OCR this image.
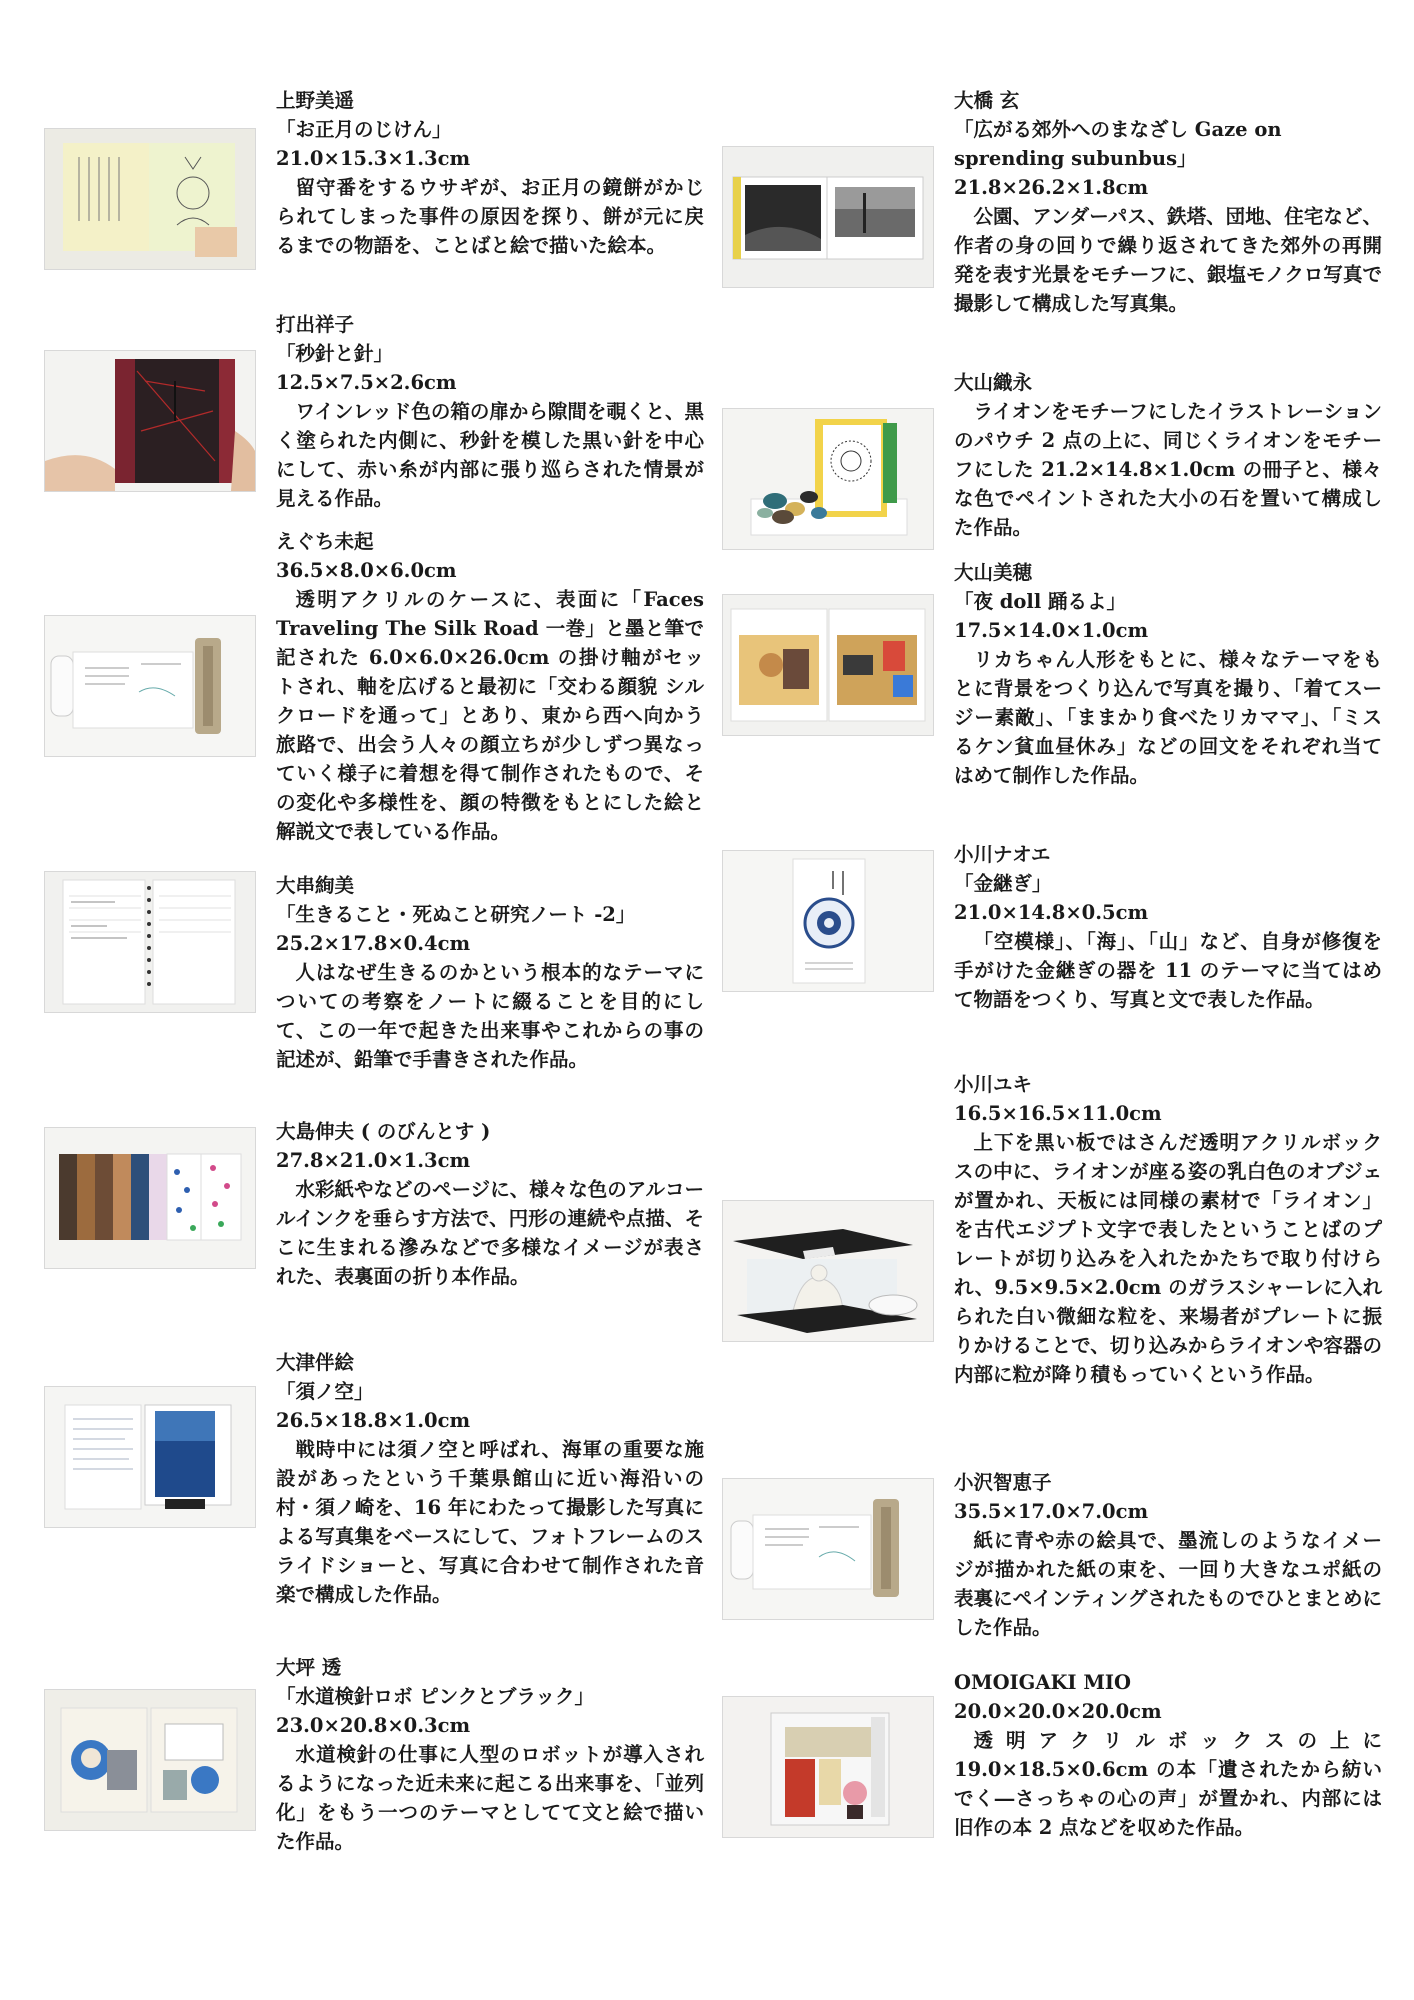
上野美遥
「お正月のじけん」
21.0×15.3×1.3cm
留守番をするウサギが、お正月の鏡餅がかじられてしまった事件の原因を探り、餅が元に戻るまでの物語を、ことばと絵で描いた絵本。
打出祥子
「秒針と針」
12.5×7.5×2.6cm
ワインレッド色の箱の扉から隙間を覗くと、黒く塗られた内側に、秒針を模した黒い針を中心にして、赤い糸が内部に張り巡らされた情景が見える作品。
えぐち未起
36.5×8.0×6.0cm
透明アクリルのケースに、表面に「Faces Traveling The Silk Road 一巻」と墨と筆で記された 6.0×6.0×26.0cm の掛け軸がセットされ、軸を広げると最初に「交わる顔貌 シルクロードを通って」とあり、東から西へ向かう旅路で、出会う人々の顔立ちが少しずつ異なっていく様子に着想を得て制作されたもので、その変化や多様性を、顔の特徴をもとにした絵と解説文で表している作品。
大串絢美
「生きること・死ぬこと研究ノート -2」
25.2×17.8×0.4cm
人はなぜ生きるのかという根本的なテーマについての考察をノートに綴ることを目的にして、この一年で起きた出来事やこれからの事の記述が、鉛筆で手書きされた作品。
大島伸夫 ( のびんとす )
27.8×21.0×1.3cm
水彩紙やなどのページに、様々な色のアルコールインクを垂らす方法で、円形の連続や点描、そこに生まれる滲みなどで多様なイメージが表された、表裏面の折り本作品。
大津伴絵
「須ノ空」
26.5×18.8×1.0cm
戦時中には須ノ空と呼ばれ、海軍の重要な施設があったという千葉県館山に近い海沿いの村・須ノ崎を、16 年にわたって撮影した写真による写真集をベースにして、フォトフレームのスライドショーと、写真に合わせて制作された音楽で構成した作品。
大坪 透
「水道検針ロボ ピンクとブラック」
23.0×20.8×0.3cm
水道検針の仕事に人型のロボットが導入されるようになった近未来に起こる出来事を、「並列化」をもう一つのテーマとしてて文と絵で描いた作品。
大橋 玄
「広がる郊外へのまなざし Gaze on sprending subunbus」
21.8×26.2×1.8cm
公園、アンダーパス、鉄塔、団地、住宅など、作者の身の回りで繰り返されてきた郊外の再開発を表す光景をモチーフに、銀塩モノクロ写真で撮影して構成した写真集。
大山織永
ライオンをモチーフにしたイラストレーションのパウチ 2 点の上に、同じくライオンをモチーフにした 21.2×14.8×1.0cm の冊子と、様々な色でペイントされた大小の石を置いて構成した作品。
大山美穂
「夜 doll 踊るよ」
17.5×14.0×1.0cm
リカちゃん人形をもとに、様々なテーマをもとに背景をつくり込んで写真を撮り、「着てスージー素敵」、「ままかり食べたリカママ」、「ミスるケン貧血昼休み」などの回文をそれぞれ当てはめて制作した作品。
小川ナオエ
「金継ぎ」
21.0×14.8×0.5cm
「空模様」、「海」、「山」など、自身が修復を手がけた金継ぎの器を 11 のテーマに当てはめて物語をつくり、写真と文で表した作品。
小川ユキ
16.5×16.5×11.0cm
上下を黒い板ではさんだ透明アクリルボックスの中に、ライオンが座る姿の乳白色のオブジェが置かれ、天板には同様の素材で「ライオン」を古代エジプト文字で表したということばのプレートが切り込みを入れたかたちで取り付けられ、9.5×9.5×2.0cm のガラスシャーレに入れられた白い微細な粒を、来場者がプレートに振りかけることで、切り込みからライオンや容器の内部に粒が降り積もっていくという作品。
小沢智恵子
35.5×17.0×7.0cm
紙に青や赤の絵具で、墨流しのようなイメージが描かれた紙の束を、一回り大きなユポ紙の表裏にペインティングされたものでひとまとめにした作品。
OMOIGAKI MIO
20.0×20.0×20.0cm
透明アクリルボックスの上に 19.0×18.5×0.6cm の本「遺されたから紡いでく―さっちゃの心の声」が置かれ、内部には旧作の本 2 点などを収めた作品。
